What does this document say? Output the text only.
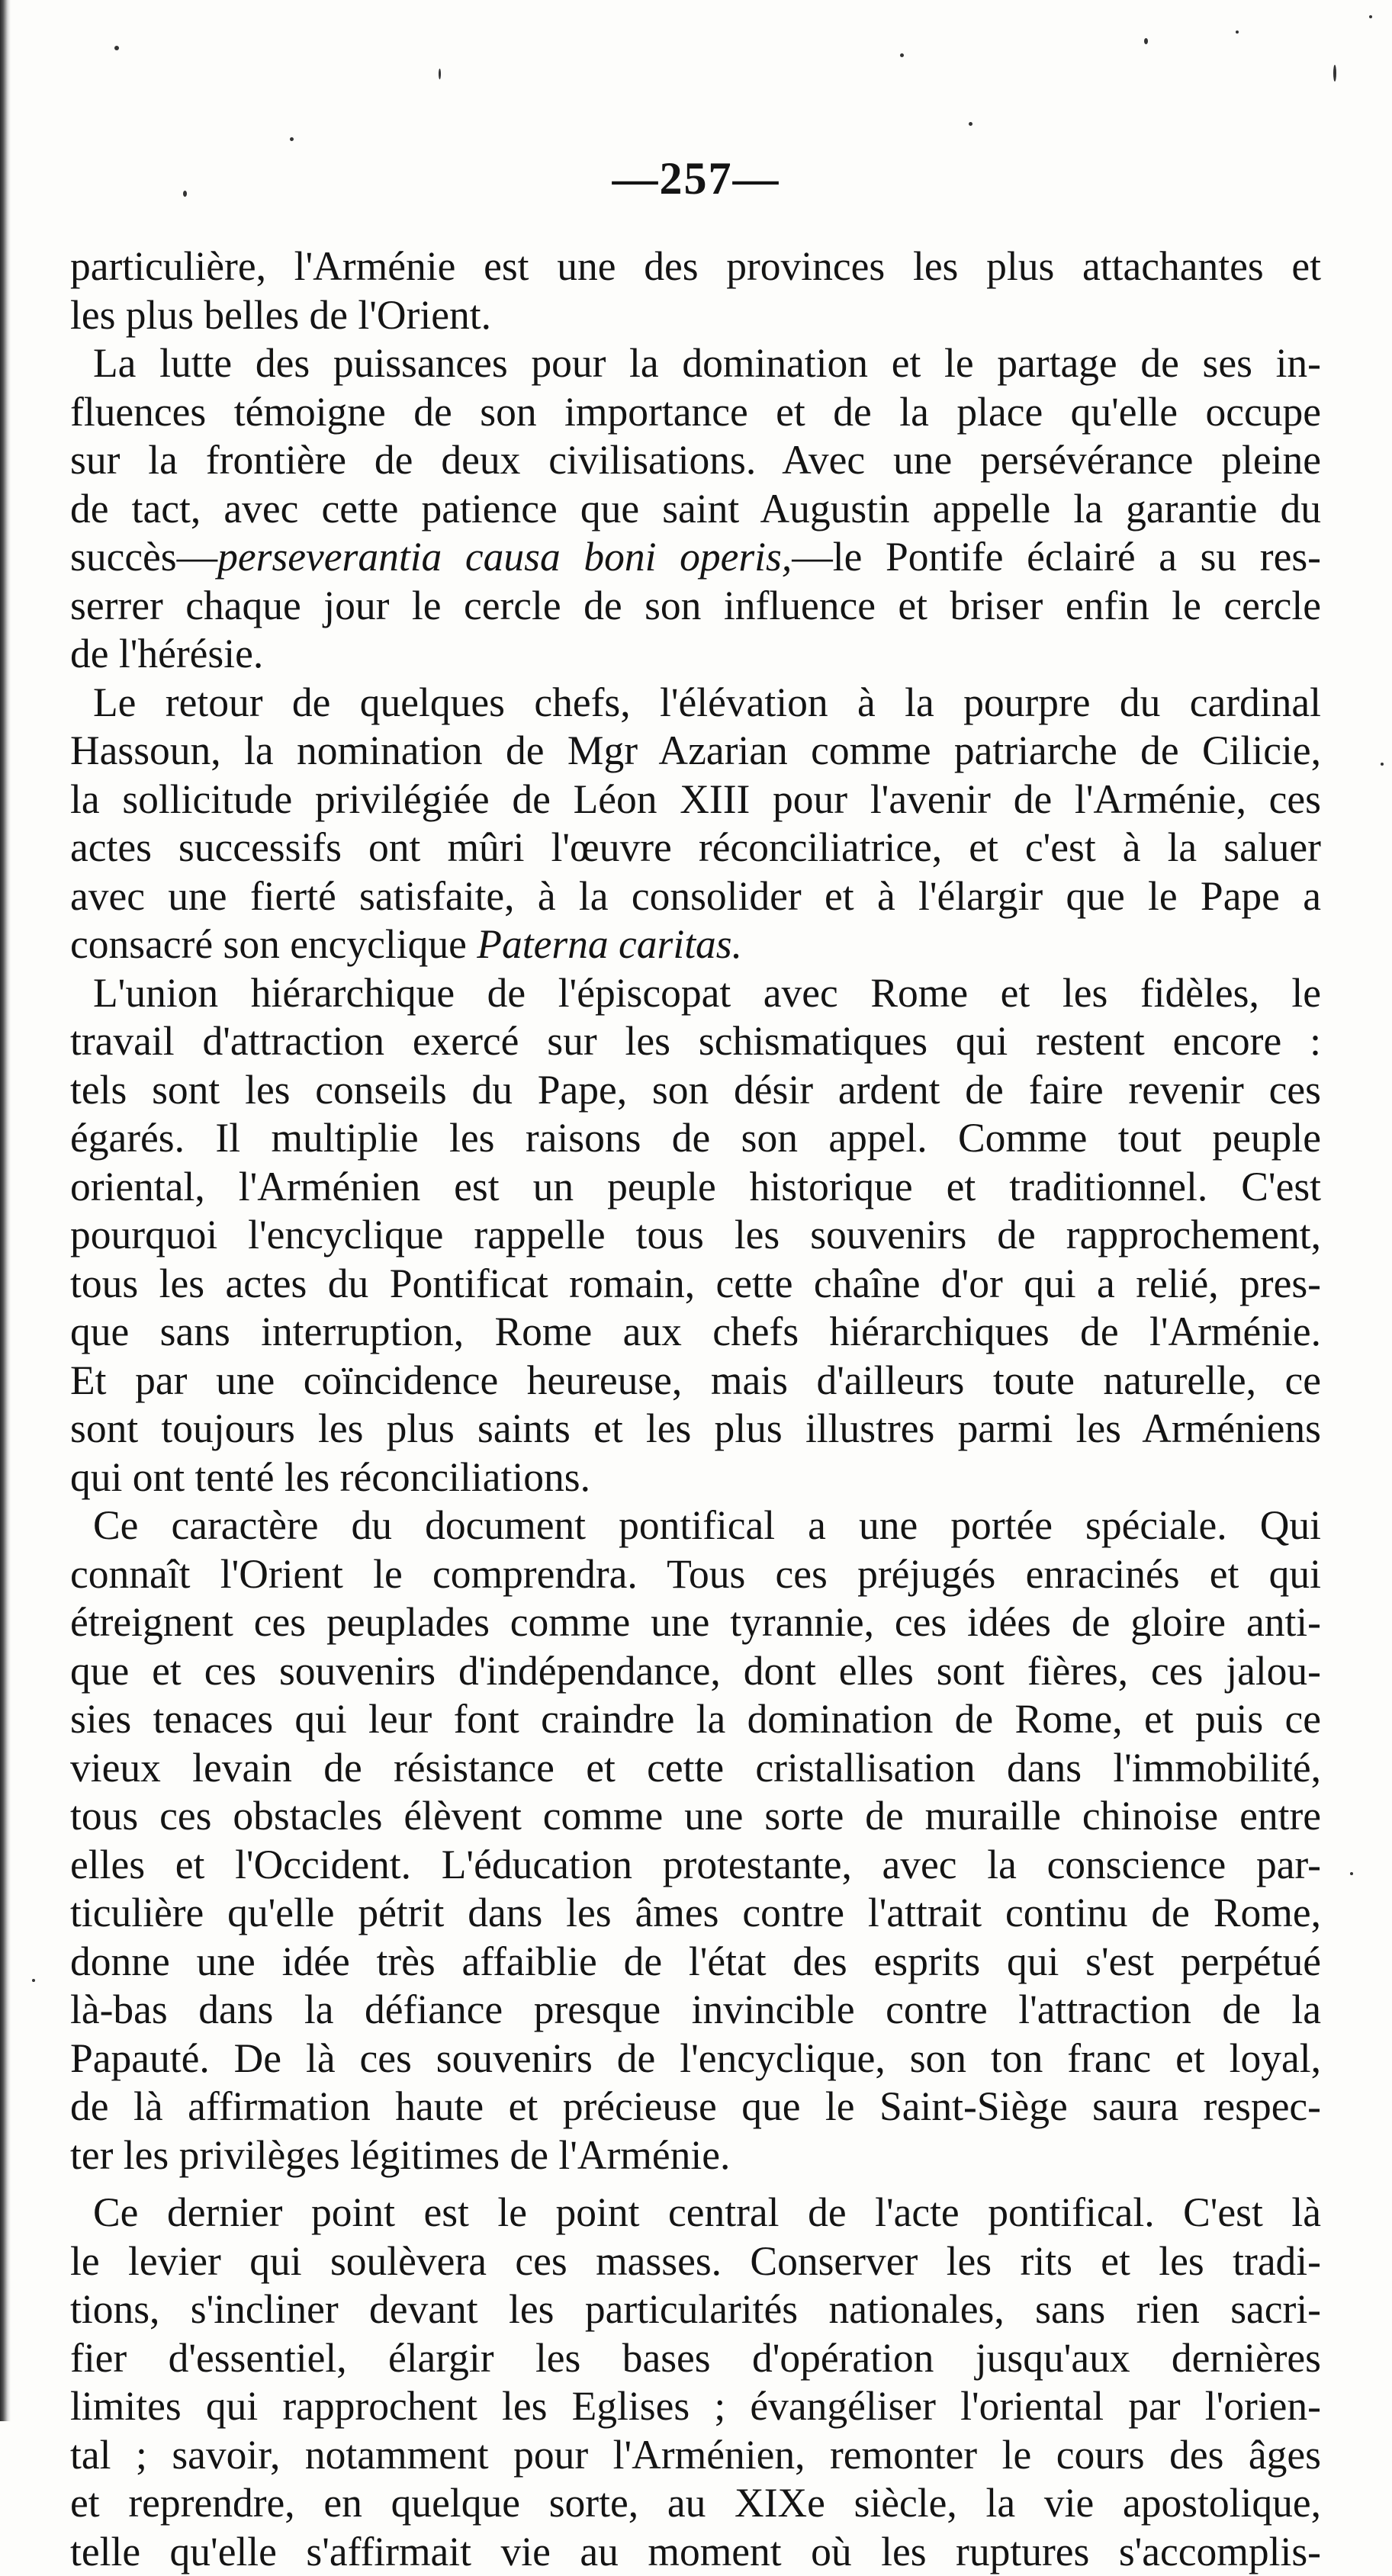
—257—

particulière, l'Arménie est une des provinces les plus attachantes et
les plus belles de l'Orient.

La lutte des puissances pour la domination et le partage de ses in-
fluences témoigne de son importance et de la place qu'elle occupe
sur la frontière de deux civilisations. Avec une persévérance pleine
de tact, avec cette patience que saint Augustin appelle la garantie du
succès—perseverantia causa boni operis,—le Pontife éclairé a su res-
serrer chaque jour le cercle de son influence et briser enfin le cercle
de l'hérésie.

Le retour de quelques chefs, l'élévation à la pourpre du cardinal
Hassoun, la nomination de Mgr Azarian comme patriarche de Cilicie,
la sollicitude privilégiée de Léon XIII pour l'avenir de l'Arménie, ces
actes successifs ont mûri l'œuvre réconciliatrice, et c'est à la saluer
avec une fierté satisfaite, à la consolider et à l'élargir que le Pape a
consacré son encyclique Paterna caritas.

L'union hiérarchique de l'épiscopat avec Rome et les fidèles, le
travail d'attraction exercé sur les schismatiques qui restent encore :
tels sont les conseils du Pape, son désir ardent de faire revenir ces
égarés. Il multiplie les raisons de son appel. Comme tout peuple
oriental, l'Arménien est un peuple historique et traditionnel. C'est
pourquoi l'encyclique rappelle tous les souvenirs de rapprochement,
tous les actes du Pontificat romain, cette chaîne d'or qui a relié, pres-
que sans interruption, Rome aux chefs hiérarchiques de l'Arménie.
Et par une coïncidence heureuse, mais d'ailleurs toute naturelle, ce
sont toujours les plus saints et les plus illustres parmi les Arméniens
qui ont tenté les réconciliations.

Ce caractère du document pontifical a une portée spéciale. Qui
connaît l'Orient le comprendra. Tous ces préjugés enracinés et qui
étreignent ces peuplades comme une tyrannie, ces idées de gloire anti-
que et ces souvenirs d'indépendance, dont elles sont fières, ces jalou-
sies tenaces qui leur font craindre la domination de Rome, et puis ce
vieux levain de résistance et cette cristallisation dans l'immobilité,
tous ces obstacles élèvent comme une sorte de muraille chinoise entre
elles et l'Occident. L'éducation protestante, avec la conscience par-
ticulière qu'elle pétrit dans les âmes contre l'attrait continu de Rome,
donne une idée très affaiblie de l'état des esprits qui s'est perpétué
là-bas dans la défiance presque invincible contre l'attraction de la
Papauté. De là ces souvenirs de l'encyclique, son ton franc et loyal,
de là affirmation haute et précieuse que le Saint-Siège saura respec-
ter les privilèges légitimes de l'Arménie.

Ce dernier point est le point central de l'acte pontifical. C'est là
le levier qui soulèvera ces masses. Conserver les rits et les tradi-
tions, s'incliner devant les particularités nationales, sans rien sacri-
fier d'essentiel, élargir les bases d'opération jusqu'aux dernières
limites qui rapprochent les Eglises ; évangéliser l'oriental par l'orien-
tal ; savoir, notamment pour l'Arménien, remonter le cours des âges
et reprendre, en quelque sorte, au XIXe siècle, la vie apostolique,
telle qu'elle s'affirmait vie au moment où les ruptures s'accomplis-
